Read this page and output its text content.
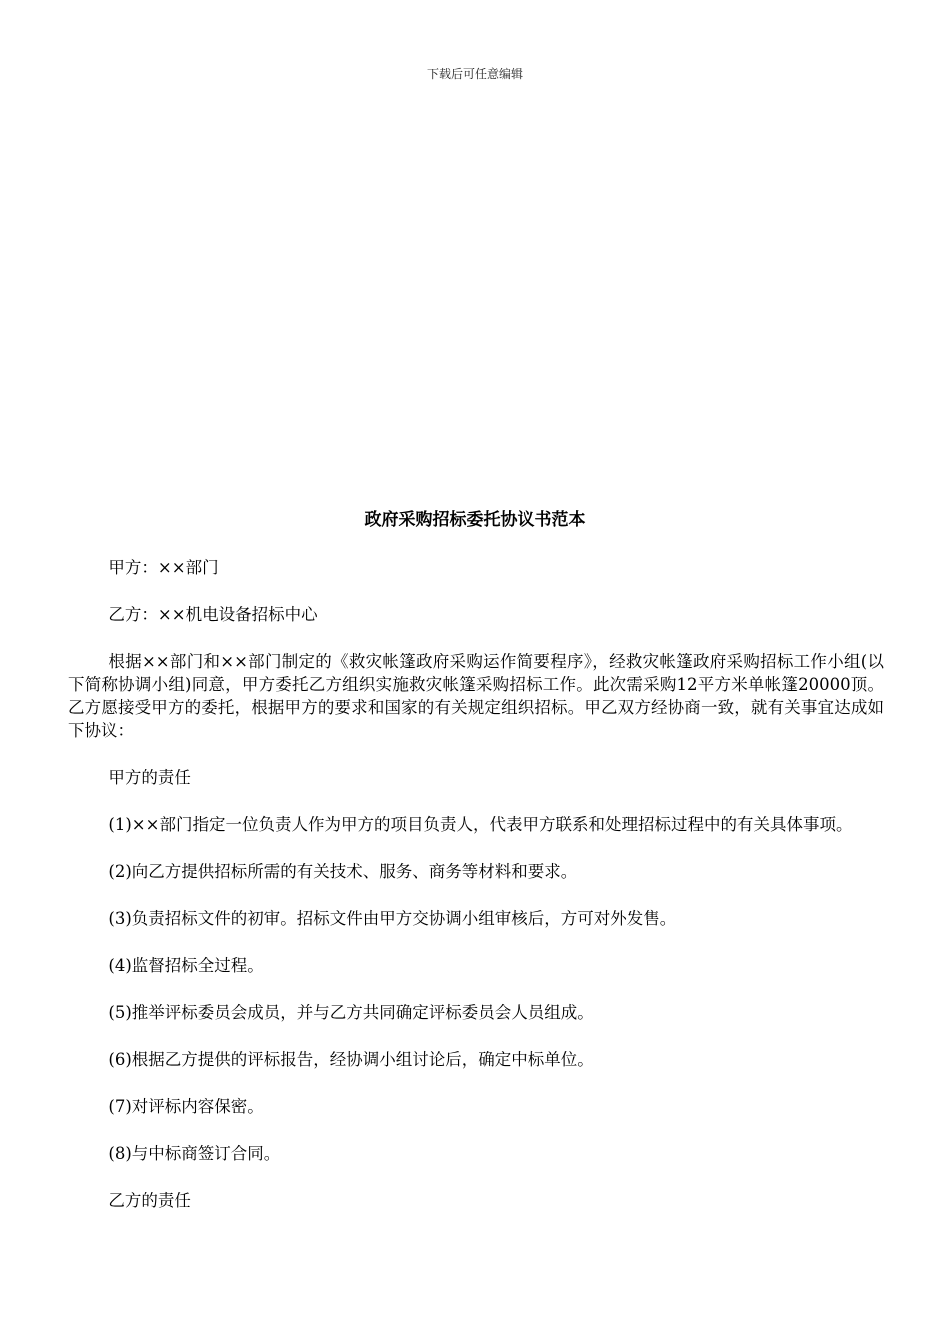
下载后可任意编辑
政府采购招标委托协议书范本

甲方：××部门

乙方：××机电设备招标中心

根据××部门和××部门制定的《救灾帐篷政府采购运作简要程序》，经救灾帐篷政府采购招标工作小组(以下简称协调小组)同意，甲方委托乙方组织实施救灾帐篷采购招标工作。此次需采购12平方米单帐篷20000顶。乙方愿接受甲方的委托，根据甲方的要求和国家的有关规定组织招标。甲乙双方经协商一致，就有关事宜达成如下协议：

甲方的责任

(1)××部门指定一位负责人作为甲方的项目负责人，代表甲方联系和处理招标过程中的有关具体事项。

(2)向乙方提供招标所需的有关技术、服务、商务等材料和要求。

(3)负责招标文件的初审。招标文件由甲方交协调小组审核后，方可对外发售。

(4)监督招标全过程。

(5)推举评标委员会成员，并与乙方共同确定评标委员会人员组成。

(6)根据乙方提供的评标报告，经协调小组讨论后，确定中标单位。

(7)对评标内容保密。

(8)与中标商签订合同。

乙方的责任
